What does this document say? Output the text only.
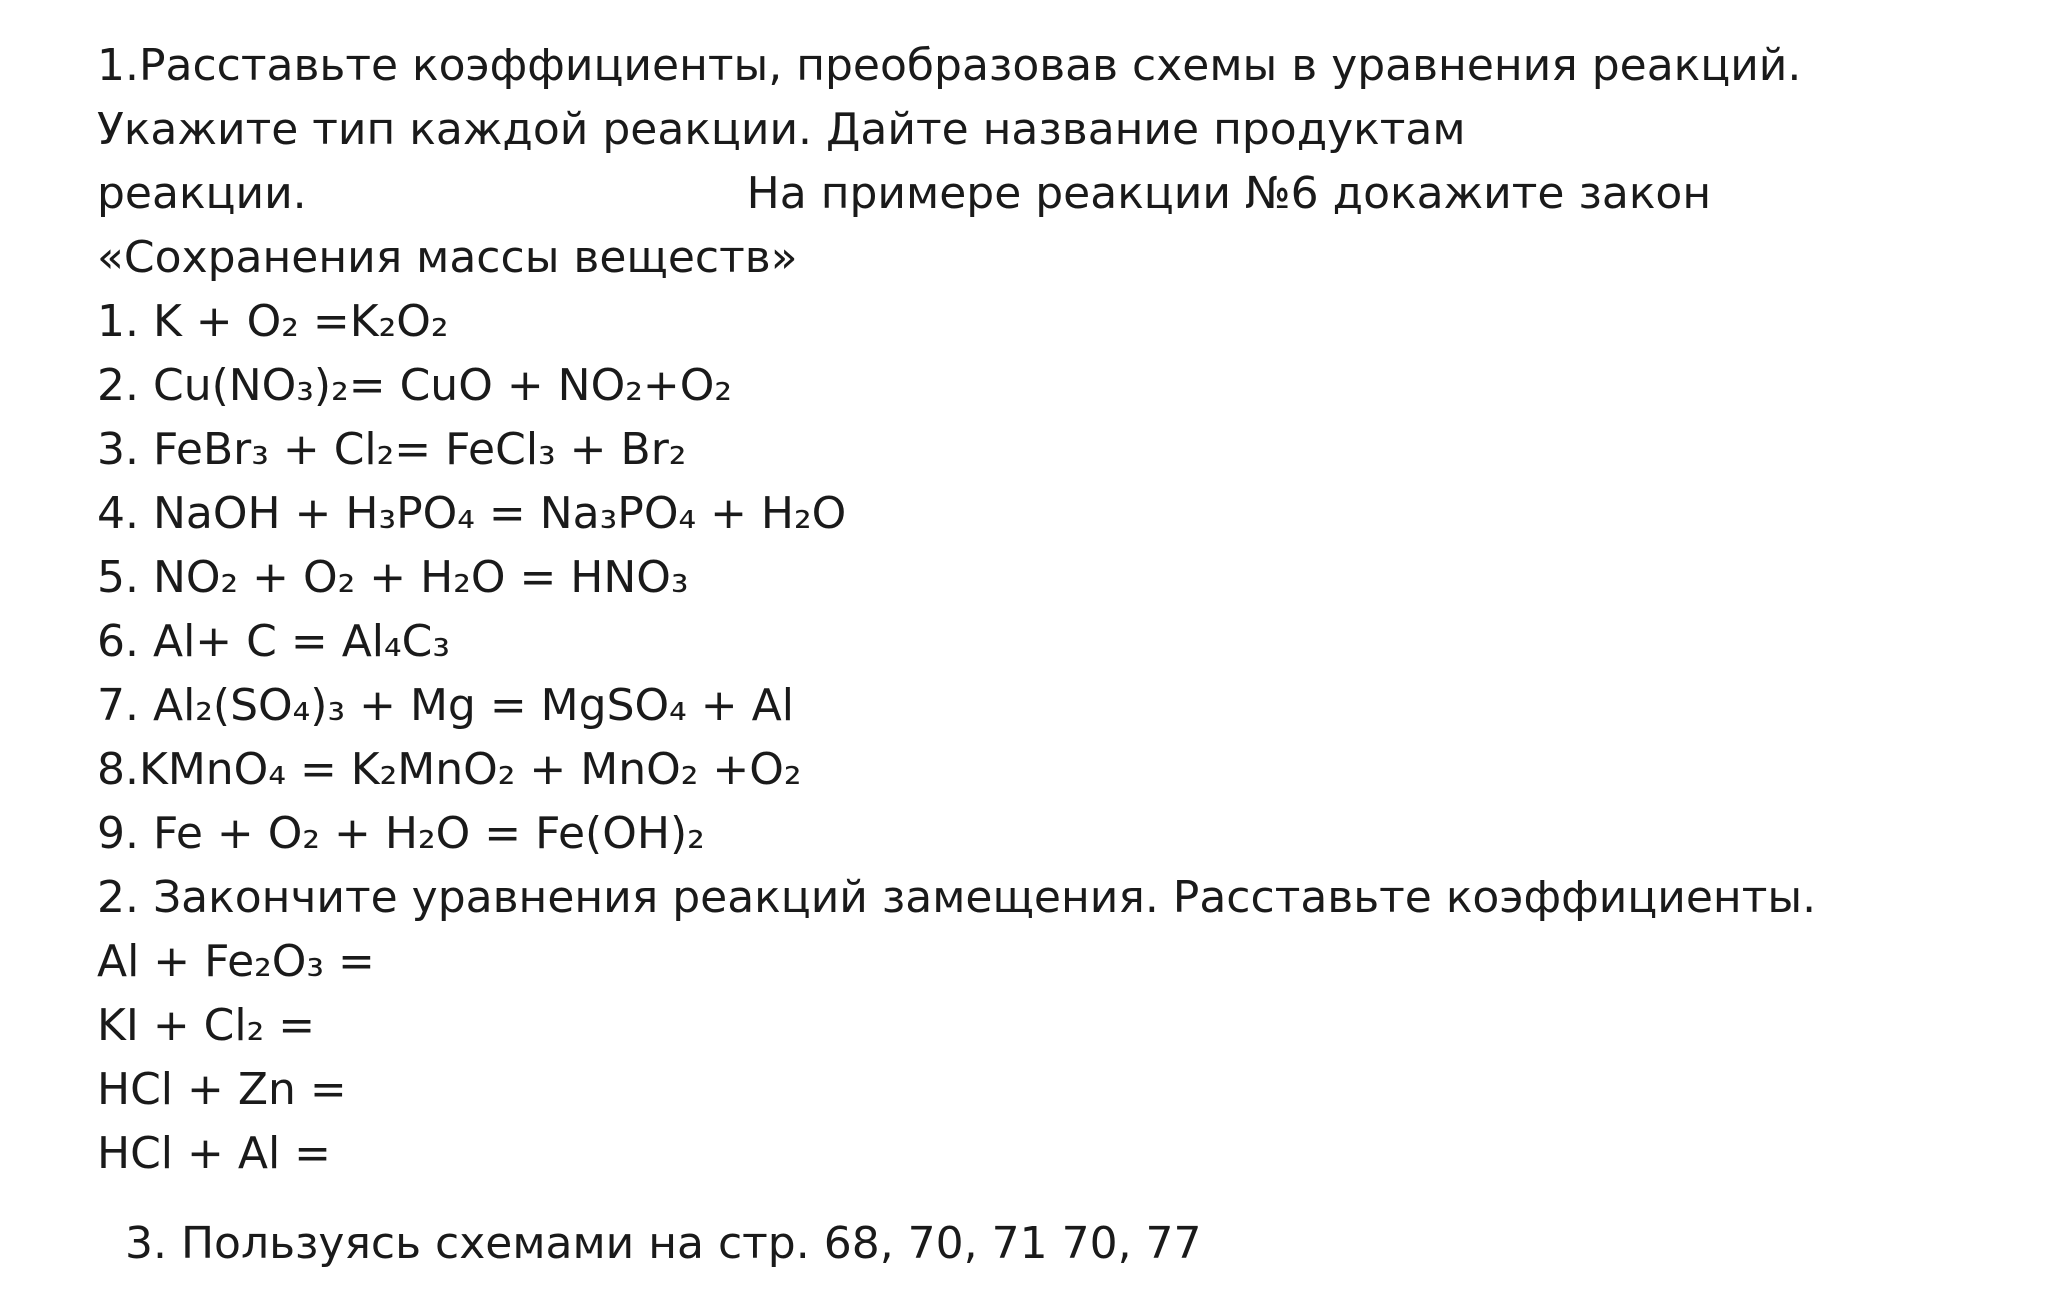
1.Расставьте коэффициенты, преобразовав схемы в уравнения реакций.
Укажите тип каждой реакции. Дайте название продуктам
реакции.	На примере реакции №6 докажите закон
«Сохранения массы веществ»
1. K + O₂ =K₂O₂
2. Cu(NO₃)₂= CuO + NO₂+O₂
3. FeBr₃ + Cl₂= FeCl₃ + Br₂
4. NaOH + H₃PO₄ = Na₃PO₄ + H₂O
5. NO₂ + O₂ + H₂O = HNO₃
6. Al+ C = Al₄C₃
7. Al₂(SO₄)₃ + Mg = MgSO₄ + Al
8.KMnO₄ = K₂MnO₂ + MnO₂ +O₂
9. Fe + O₂ + H₂O = Fe(OH)₂
2. Закончите уравнения реакций замещения. Расставьте коэффициенты.
Al + Fe₂O₃ =
KI + Cl₂ =
HCl + Zn =
HCl + Al =

3. Пользуясь схемами на стр. 68, 70, 71 70, 77
